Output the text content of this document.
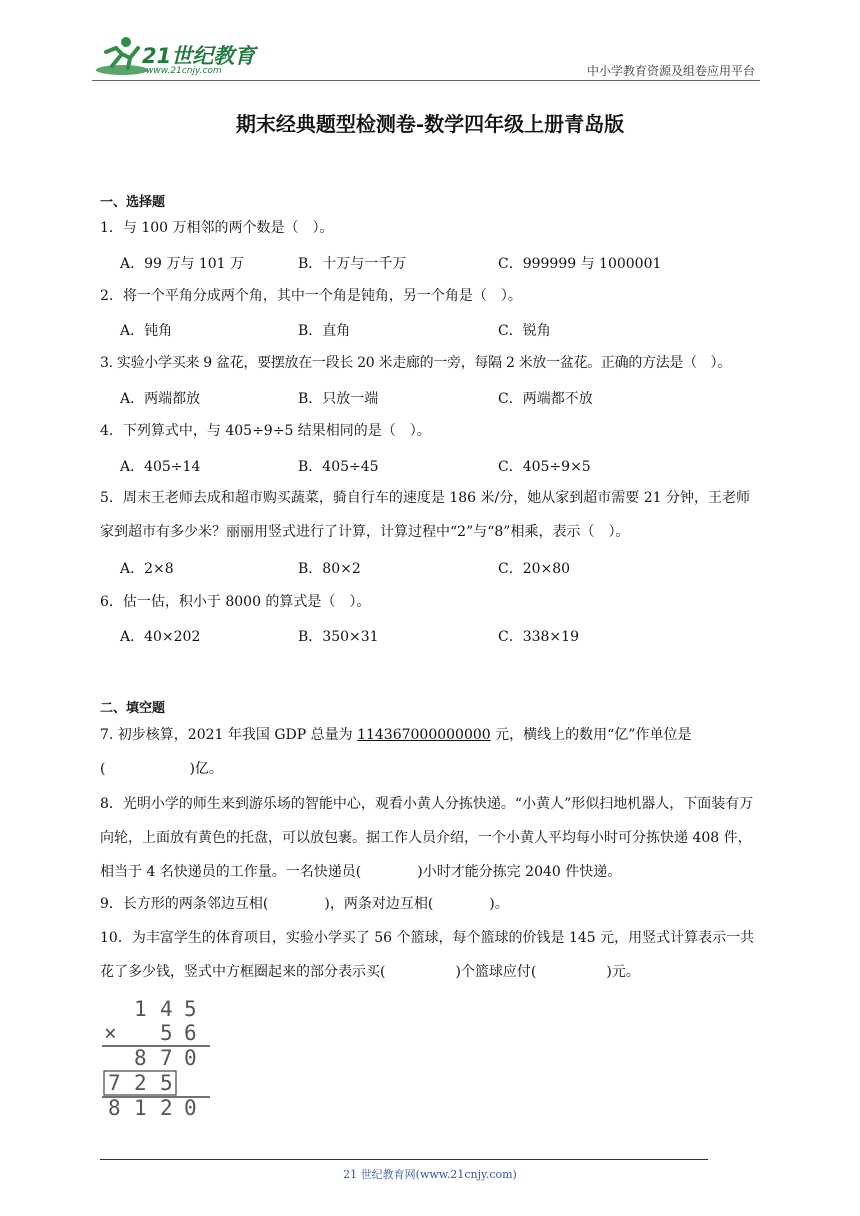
21世纪教育
www.21cnjy.com	中小学教育资源及组卷应用平台
期末经典题型检测卷-数学四年级上册青岛版
一、选择题
1．与 100 万相邻的两个数是（　）。
A．99 万与 101 万	B．十万与一千万	C．999999 与 1000001
2．将一个平角分成两个角，其中一个角是钝角，另一个角是（　）。
A．钝角	B．直角	C．锐角
3. 实验小学买来 9 盆花，要摆放在一段长 20 米走廊的一旁，每隔 2 米放一盆花。正确的方法是（　）。
A．两端都放	B．只放一端	C．两端都不放
4．下列算式中，与 405÷9÷5 结果相同的是（　）。
A．405÷14	B．405÷45	C．405÷9×5
5．周末王老师去成和超市购买蔬菜，骑自行车的速度是 186 米/分，她从家到超市需要 21 分钟，王老师家到超市有多少米？丽丽用竖式进行了计算，计算过程中“2”与“8”相乘，表示（　）。
A．2×8	B．80×2	C．20×80
6．估一估，积小于 8000 的算式是（　）。
A．40×202	B．350×31	C．338×19
二、填空题
7. 初步核算，2021 年我国 GDP 总量为 114367000000000 元，横线上的数用“亿”作单位是(　　　　　　)亿。
8．光明小学的师生来到游乐场的智能中心，观看小黄人分拣快递。“小黄人”形似扫地机器人，下面装有万向轮，上面放有黄色的托盘，可以放包裹。据工作人员介绍，一个小黄人平均每小时可分拣快递 408 件，相当于 4 名快递员的工作量。一名快递员(　　　　)小时才能分拣完 2040 件快递。
9．长方形的两条邻边互相(　　　　)，两条对边互相(　　　　)。
10．为丰富学生的体育项目，实验小学买了 56 个篮球，每个篮球的价钱是 145 元，用竖式计算表示一共花了多少钱，竖式中方框圈起来的部分表示买(　　　　　)个篮球应付(　　　　　)元。
1 4 5
× 5 6
8 7 0
7 2 5
8 1 2 0
21 世纪教育网(www.21cnjy.com)
